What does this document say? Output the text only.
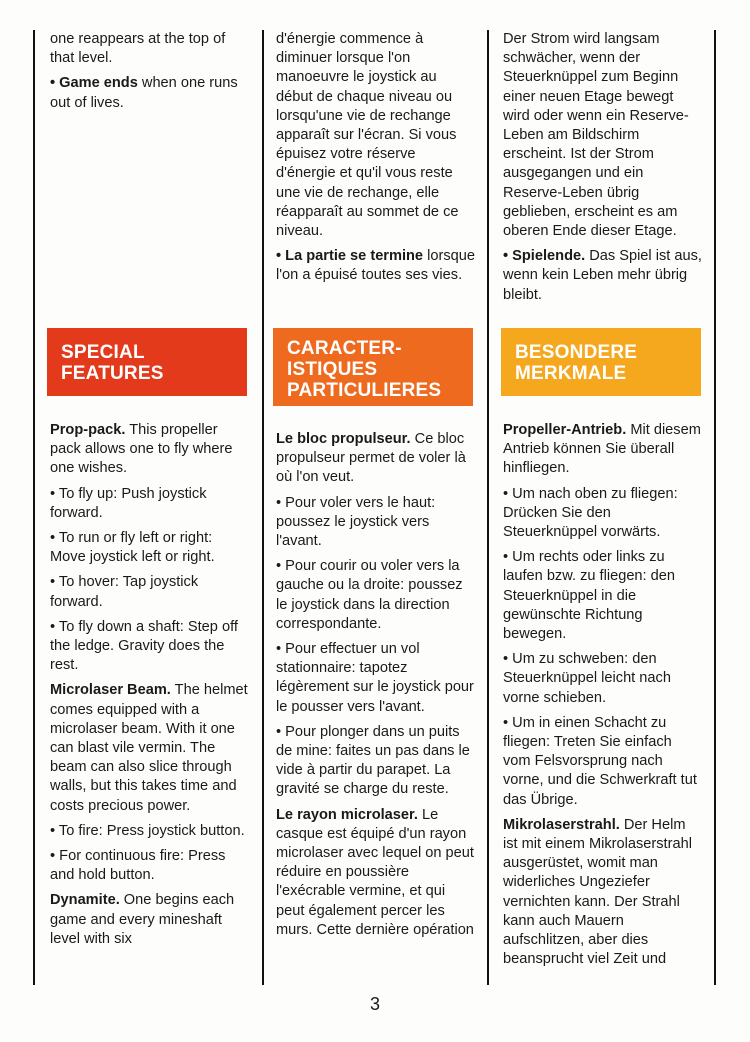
one reappears at the top of that level.

• Game ends when one runs out of lives.

SPECIAL
FEATURES

Prop-pack. This propeller pack allows one to fly where one wishes.

• To fly up: Push joystick forward.

• To run or fly left or right: Move joystick left or right.

• To hover: Tap joystick forward.

• To fly down a shaft: Step off the ledge. Gravity does the rest.

Microlaser Beam. The helmet comes equipped with a microlaser beam. With it one can blast vile vermin. The beam can also slice through walls, but this takes time and costs precious power.

• To fire: Press joystick button.

• For continuous fire: Press and hold button.

Dynamite. One begins each game and every mineshaft level with six

d'énergie commence à diminuer lorsque l'on manoeuvre le joystick au début de chaque niveau ou lorsqu'une vie de rechange apparaît sur l'écran. Si vous épuisez votre réserve d'énergie et qu'il vous reste une vie de rechange, elle réapparaît au sommet de ce niveau.

• La partie se termine lorsque l'on a épuisé toutes ses vies.

CARACTER-
ISTIQUES
PARTICULIERES

Le bloc propulseur. Ce bloc propulseur permet de voler là où l'on veut.

• Pour voler vers le haut: poussez le joystick vers l'avant.

• Pour courir ou voler vers la gauche ou la droite: poussez le joystick dans la direction correspondante.

• Pour effectuer un vol stationnaire: tapotez légèrement sur le joystick pour le pousser vers l'avant.

• Pour plonger dans un puits de mine: faites un pas dans le vide à partir du parapet. La gravité se charge du reste.

Le rayon microlaser. Le casque est équipé d'un rayon microlaser avec lequel on peut réduire en poussière l'exécrable vermine, et qui peut également percer les murs. Cette dernière opération

Der Strom wird langsam schwächer, wenn der Steuerknüppel zum Beginn einer neuen Etage bewegt wird oder wenn ein Reserve-Leben am Bildschirm erscheint. Ist der Strom ausgegangen und ein Reserve-Leben übrig geblieben, erscheint es am oberen Ende dieser Etage.

• Spielende. Das Spiel ist aus, wenn kein Leben mehr übrig bleibt.

BESONDERE
MERKMALE

Propeller-Antrieb. Mit diesem Antrieb können Sie überall hinfliegen.

• Um nach oben zu fliegen: Drücken Sie den Steuerknüppel vorwärts.

• Um rechts oder links zu laufen bzw. zu fliegen: den Steuerknüppel in die gewünschte Richtung bewegen.

• Um zu schweben: den Steuerknüppel leicht nach vorne schieben.

• Um in einen Schacht zu fliegen: Treten Sie einfach vom Felsvorsprung nach vorne, und die Schwerkraft tut das Übrige.

Mikrolaserstrahl. Der Helm ist mit einem Mikrolaserstrahl ausgerüstet, womit man widerliches Ungeziefer vernichten kann. Der Strahl kann auch Mauern aufschlitzen, aber dies beansprucht viel Zeit und

3
